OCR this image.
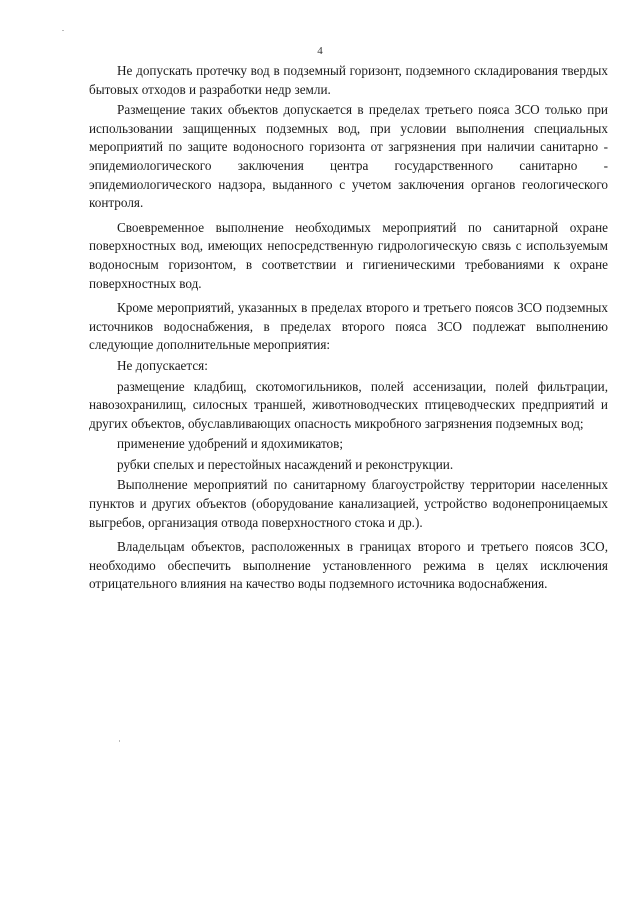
4

Не допускать протечку вод в подземный горизонт, подземного складирования твердых бытовых отходов и разработки недр земли.

Размещение таких объектов допускается в пределах третьего пояса ЗСО только при использовании защищенных подземных вод, при условии выполнения специальных мероприятий по защите водоносного горизонта от загрязнения при наличии санитарно - эпидемиологического заключения центра государственного санитарно - эпидемиологического надзора, выданного с учетом заключения органов геологического контроля.

Своевременное выполнение необходимых мероприятий по санитарной охране поверхностных вод, имеющих непосредственную гидрологическую связь с используемым водоносным горизонтом, в соответствии и гигиеническими требованиями к охране поверхностных вод.

Кроме мероприятий, указанных в пределах второго и третьего поясов ЗСО подземных источников водоснабжения, в пределах второго пояса ЗСО подлежат выполнению следующие дополнительные мероприятия:

Не допускается:

размещение кладбищ, скотомогильников, полей ассенизации, полей фильтрации, навозохранилищ, силосных траншей, животноводческих птицеводческих предприятий и других объектов, обуславливающих опасность микробного загрязнения подземных вод;

применение удобрений и ядохимикатов;

рубки спелых и перестойных насаждений и реконструкции.

Выполнение мероприятий по санитарному благоустройству территории населенных пунктов и других объектов (оборудование канализацией, устройство водонепроницаемых выгребов, организация отвода поверхностного стока и др.).

Владельцам объектов, расположенных в границах второго и третьего поясов ЗСО, необходимо обеспечить выполнение установленного режима в целях исключения отрицательного влияния на качество воды подземного источника водоснабжения.
